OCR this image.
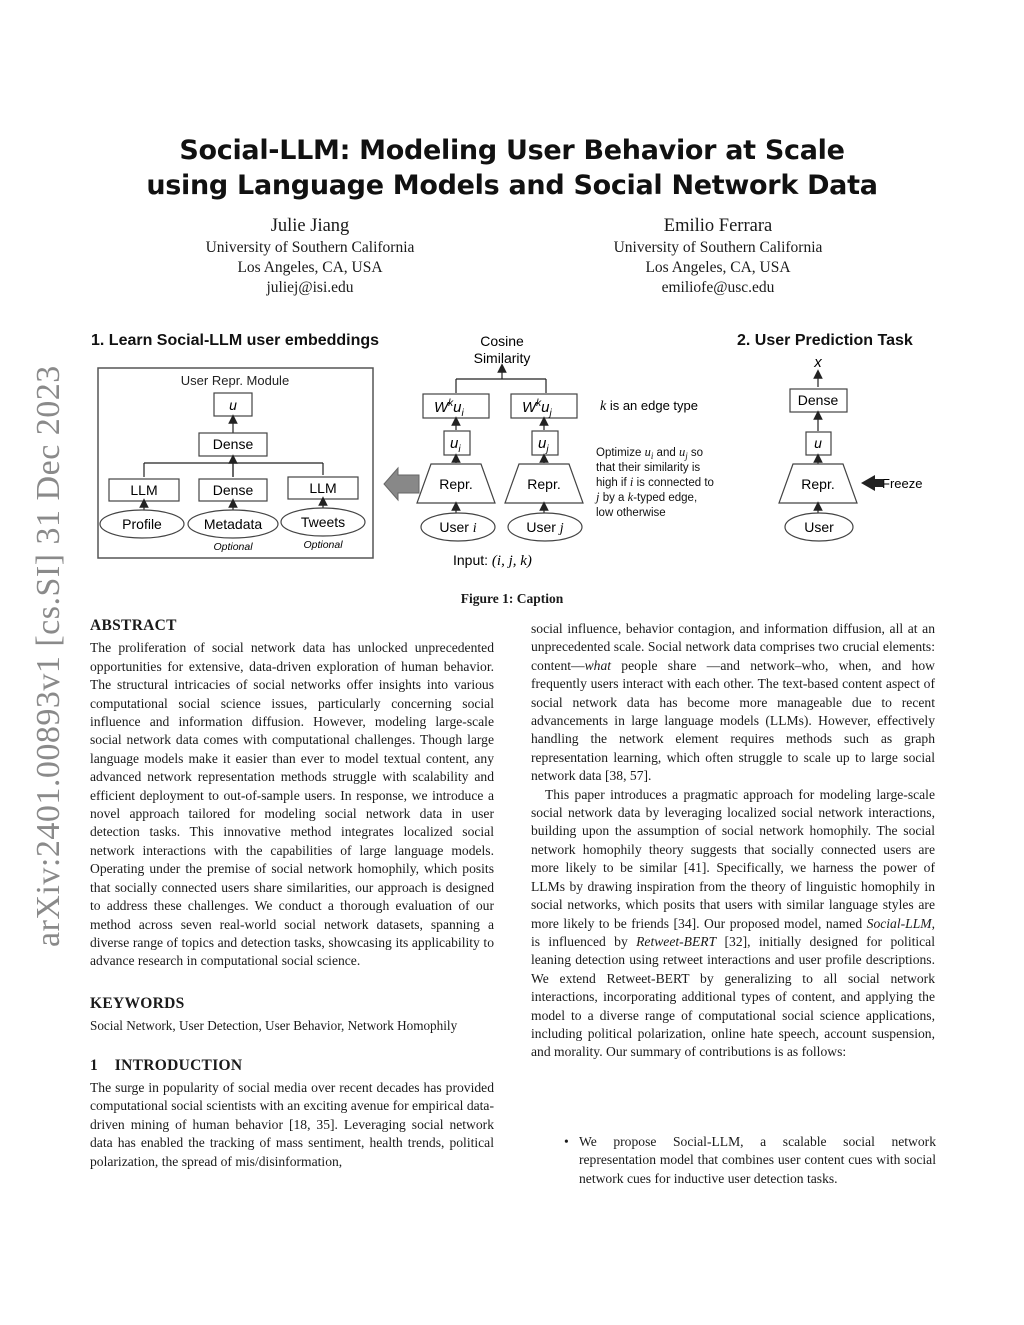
arXiv:2401.00893v1 [cs.SI] 31 Dec 2023
Social-LLM: Modeling User Behavior at Scale
using Language Models and Social Network Data
Julie Jiang
University of Southern California
Los Angeles, CA, USA
juliej@isi.edu
Emilio Ferrara
University of Southern California
Los Angeles, CA, USA
emiliofe@usc.edu
1. Learn Social-LLM user embeddings	2. User Prediction Task
User Repr. Module
u
Dense
LLM	Dense	LLM
Profile	Metadata	Tweets
Optional	Optional
Cosine
Similarity
$W^ku_i$	$W^ku_j$
$u_i$	$u_j$
Repr.	Repr.
User i	User j
Input: (i, j, k)
k is an edge type
Optimize $u_i$ and $u_j$ so
that their similarity is
high if i is connected to
j by a k-typed edge,
low otherwise
x
Dense
u
Repr.	Freeze
User
Figure 1: Caption
ABSTRACT

The proliferation of social network data has unlocked unprecedented opportunities for extensive, data-driven exploration of human behavior. The structural intricacies of social networks offer insights into various computational social science issues, particularly concerning social influence and information diffusion. However, modeling large-scale social network data comes with computational challenges. Though large language models make it easier than ever to model textual content, any advanced network representation methods struggle with scalability and efficient deployment to out-of-sample users. In response, we introduce a novel approach tailored for modeling social network data in user detection tasks. This innovative method integrates localized social network interactions with the capabilities of large language models. Operating under the premise of social network homophily, which posits that socially connected users share similarities, our approach is designed to address these challenges. We conduct a thorough evaluation of our method across seven real-world social network datasets, spanning a diverse range of topics and detection tasks, showcasing its applicability to advance research in computational social science.

KEYWORDS

Social Network, User Detection, User Behavior, Network Homophily

1 INTRODUCTION

The surge in popularity of social media over recent decades has provided computational social scientists with an exciting avenue for empirical data-driven mining of human behavior [18, 35]. Leveraging social network data has enabled the tracking of mass sentiment, health trends, political polarization, the spread of mis/disinformation,

social influence, behavior contagion, and information diffusion, all at an unprecedented scale. Social network data comprises two crucial elements: content—what people share —and network–who, when, and how frequently users interact with each other. The text-based content aspect of social network data has become more manageable due to recent advancements in large language models (LLMs). However, effectively handling the network element requires methods such as graph representation learning, which often struggle to scale up to large social network data [38, 57].

This paper introduces a pragmatic approach for modeling large-scale social network data by leveraging localized social network interactions, building upon the assumption of social network homophily. The social network homophily theory suggests that socially connected users are more likely to be similar [41]. Specifically, we harness the power of LLMs by drawing inspiration from the theory of linguistic homophily in social networks, which posits that users with similar language styles are more likely to be friends [34]. Our proposed model, named Social-LLM, is influenced by Retweet-BERT [32], initially designed for political leaning detection using retweet interactions and user profile descriptions. We extend Retweet-BERT by generalizing to all social network interactions, incorporating additional types of content, and applying the model to a diverse range of computational social science applications, including political polarization, online hate speech, account suspension, and morality. Our summary of contributions is as follows:

• We propose Social-LLM, a scalable social network representation model that combines user content cues with social network cues for inductive user detection tasks.
